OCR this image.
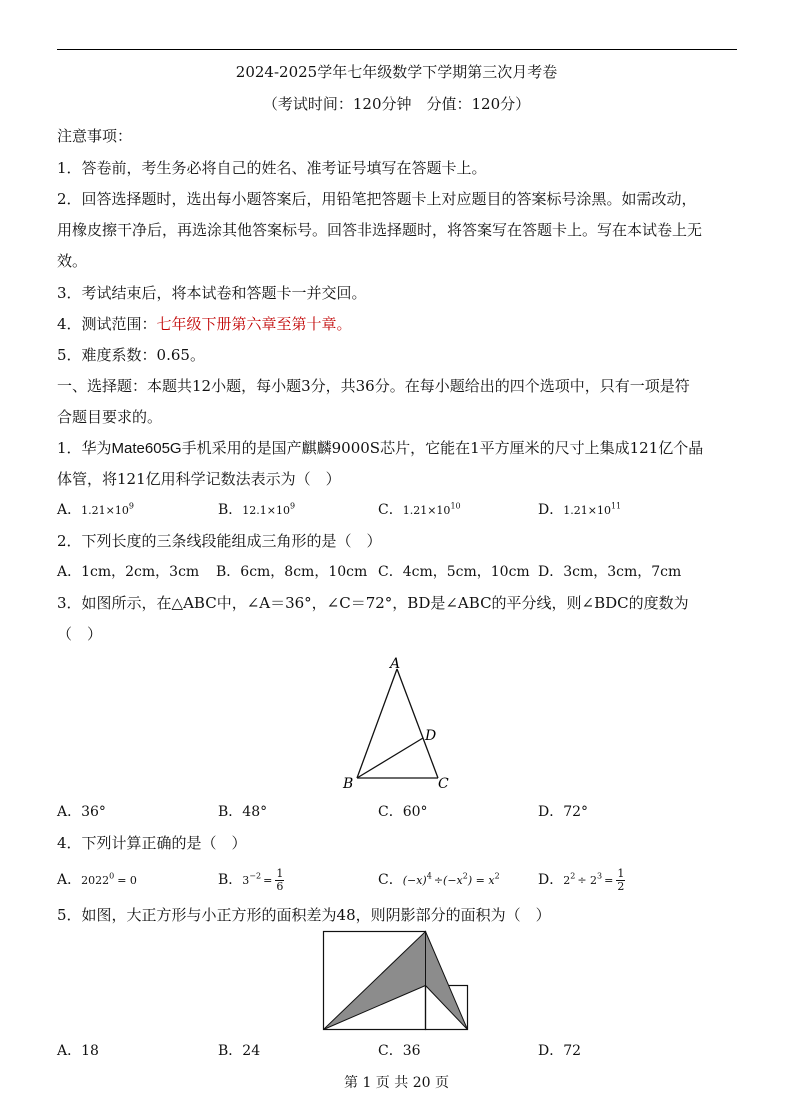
2024-2025学年七年级数学下学期第三次月考卷
（考试时间：120分钟　分值：120分）
注意事项：
1．答卷前，考生务必将自己的姓名、准考证号填写在答题卡上。
2．回答选择题时，选出每小题答案后，用铅笔把答题卡上对应题目的答案标号涂黑。如需改动，
用橡皮擦干净后，再选涂其他答案标号。回答非选择题时，将答案写在答题卡上。写在本试卷上无
效。
3．考试结束后，将本试卷和答题卡一并交回。
4．测试范围：七年级下册第六章至第十章。
5．难度系数：0.65。
一、选择题：本题共12小题，每小题3分，共36分。在每小题给出的四个选项中，只有一项是符
合题目要求的。
1．华为Mate605G手机采用的是国产麒麟9000S芯片，它能在1平方厘米的尺寸上集成121亿个晶
体管，将121亿用科学记数法表示为（　）
A．$1.21\times 10^9$	B．$12.1\times 10^9$	C．$1.21\times 10^{10}$	D．$1.21\times 10^{11}$
2．下列长度的三条线段能组成三角形的是（　）
A．1cm，2cm，3cm B．6cm，8cm，10cm C．4cm，5cm，10cm D．3cm，3cm，7cm
3．如图所示，在△ABC中，∠A＝36°，∠C＝72°，BD是∠ABC的平分线，则∠BDC的度数为
（　）
A
D
B	C
A．36°	B．48°	C．60°	D．72°
4．下列计算正确的是（　）
A．$2022^0 = 0$	B．$3^{-2} = \frac{1}{6}$	C．$(-x)^4 \div(-x^2) = x^2$	D．$2^2 \div 2^3 = \frac{1}{2}$
5．如图，大正方形与小正方形的面积差为48，则阴影部分的面积为（　）
A．18	B．24	C．36	D．72
第 1 页 共 20 页
